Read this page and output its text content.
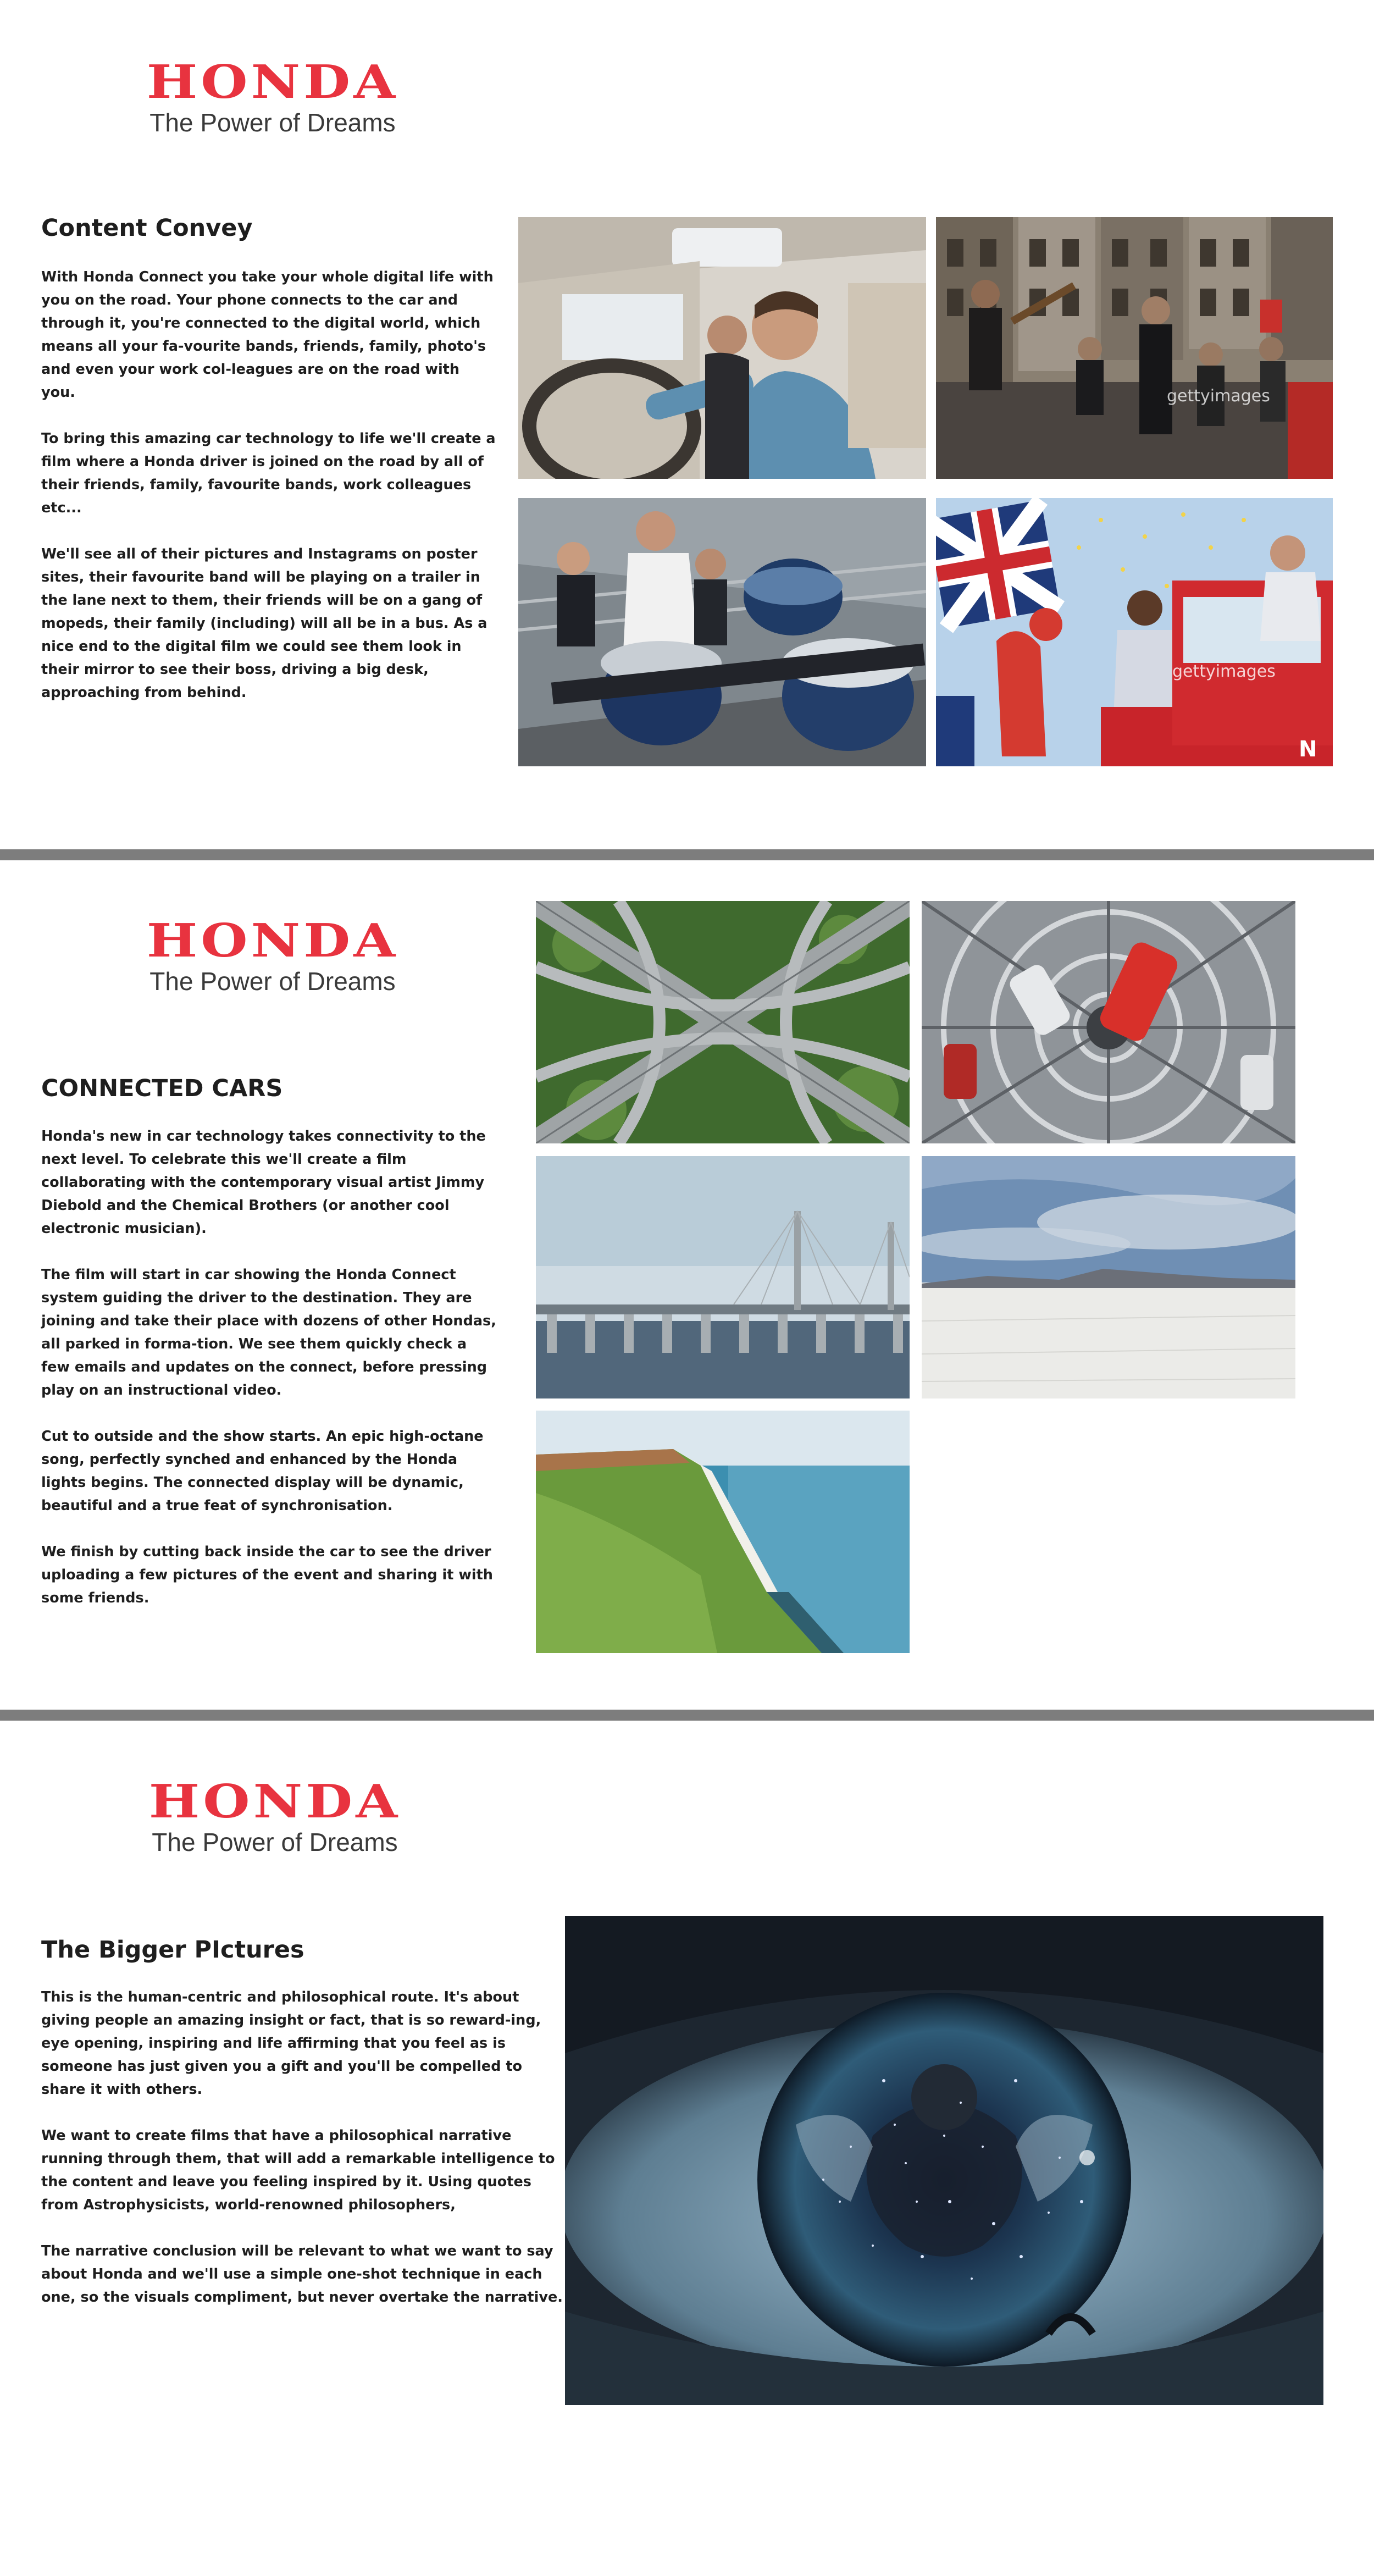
HONDA
The Power of Dreams
Content Convey

With Honda Connect you take your whole digital life with you on the road. Your phone connects to the car and through it, you're connected to the digital world, which means all your fa-vourite bands, friends, family, photo's and even your work col-leagues are on the road with you.

To bring this amazing car technology to life we'll create a film where a Honda driver is joined on the road by all of their friends, family, favourite bands, work colleagues etc...

We'll see all of their pictures and Instagrams on poster sites, their favourite band will be playing on a trailer in the lane next to them, their friends will be on a gang of mopeds, their family (including) will all be in a bus. As a nice end to the digital film we could see them look in their mirror to see their boss, driving a big desk, approaching from behind.

gettyimages
N
gettyimages
HONDA
The Power of Dreams
CONNECTED CARS

Honda's new in car technology takes connectivity to the next level. To celebrate this we'll create a film collaborating with the contemporary visual artist Jimmy Diebold and the Chemical Brothers (or another cool electronic musician).

The film will start in car showing the Honda Connect system guiding the driver to the destination. They are joining and take their place with dozens of other Hondas, all parked in forma-tion. We see them quickly check a few emails and updates on the connect, before pressing play on an instructional video.

Cut to outside and the show starts. An epic high-octane song, perfectly synched and enhanced by the Honda lights begins. The connected display will be dynamic, beautiful and a true feat of synchronisation.

We finish by cutting back inside the car to see the driver uploading a few pictures of the event and sharing it with some friends.

HONDA
The Power of Dreams
The Bigger PIctures

This is the human-centric and philosophical route. It's about giving people an amazing insight or fact, that is so reward-ing, eye opening, inspiring and life affirming that you feel as is someone has just given you a gift and you'll be compelled to share it with others.

We want to create films that have a philosophical narrative running through them, that will add a remarkable intelligence to the content and leave you feeling inspired by it. Using quotes from Astrophysicists, world-renowned philosophers,

The narrative conclusion will be relevant to what we want to say about Honda and we'll use a simple one-shot technique in each one, so the visuals compliment, but never overtake the narrative.
